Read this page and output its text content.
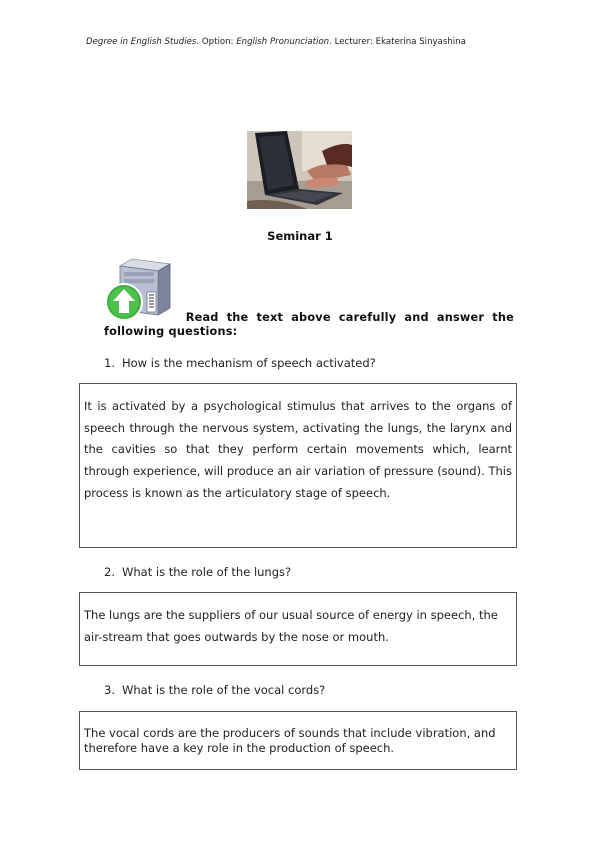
Degree in English Studies. Option: English Pronunciation. Lecturer: Ekaterina Sinyashina
Seminar 1
Read the text above carefully and answer the
following questions:
1. How is the mechanism of speech activated?
It is activated by a psychological stimulus that arrives to the organs of speech through the nervous system, activating the lungs, the larynx and the cavities so that they perform certain movements which, learnt through experience, will produce an air variation of pressure (sound). This process is known as the articulatory stage of speech.
2. What is the role of the lungs?
The lungs are the suppliers of our usual source of energy in speech, the air-stream that goes outwards by the nose or mouth.
3. What is the role of the vocal cords?
The vocal cords are the producers of sounds that include vibration, and therefore have a key role in the production of speech.
